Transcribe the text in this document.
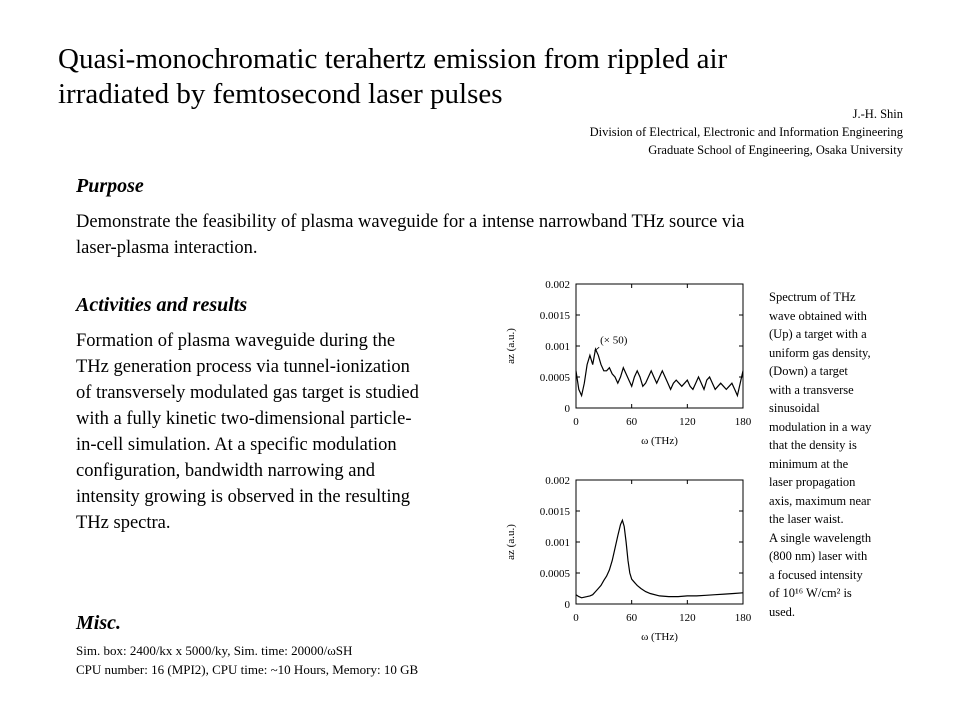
Quasi-monochromatic terahertz emission from rippled air
irradiated by femtosecond laser pulses
J.-H. Shin
Division of Electrical, Electronic and Information Engineering
Graduate School of Engineering, Osaka University
Purpose
Demonstrate the feasibility of plasma waveguide for a intense narrowband THz source via
laser-plasma interaction.
Activities and results
Formation of plasma waveguide during the
THz generation process via tunnel-ionization
of transversely modulated gas target is studied
with a fully kinetic two-dimensional particle-
in-cell simulation. At a specific modulation
configuration, bandwidth narrowing and
intensity growing is observed in the resulting
THz spectra.
Misc.
Sim. box: 2400/kx x 5000/ky, Sim. time: 20000/ωSH
CPU number: 16 (MPI2), CPU time: ~10 Hours, Memory: 10 GB
0
0.0005
0.001
0.0015
0.002
0	60	120	180
ω (THz)
az (a.u.)	(× 50)
0
0.0005
0.001
0.0015
0.002
0	60	120	180
ω (THz)
az (a.u.)
Spectrum of THz
wave obtained with
(Up) a target with a
uniform gas density,
(Down) a target
with a transverse
sinusoidal
modulation in a way
that the density is
minimum at the
laser propagation
axis, maximum near
the laser waist.
A single wavelength
(800 nm) laser with
a focused intensity
of 10¹⁶ W/cm² is
used.
